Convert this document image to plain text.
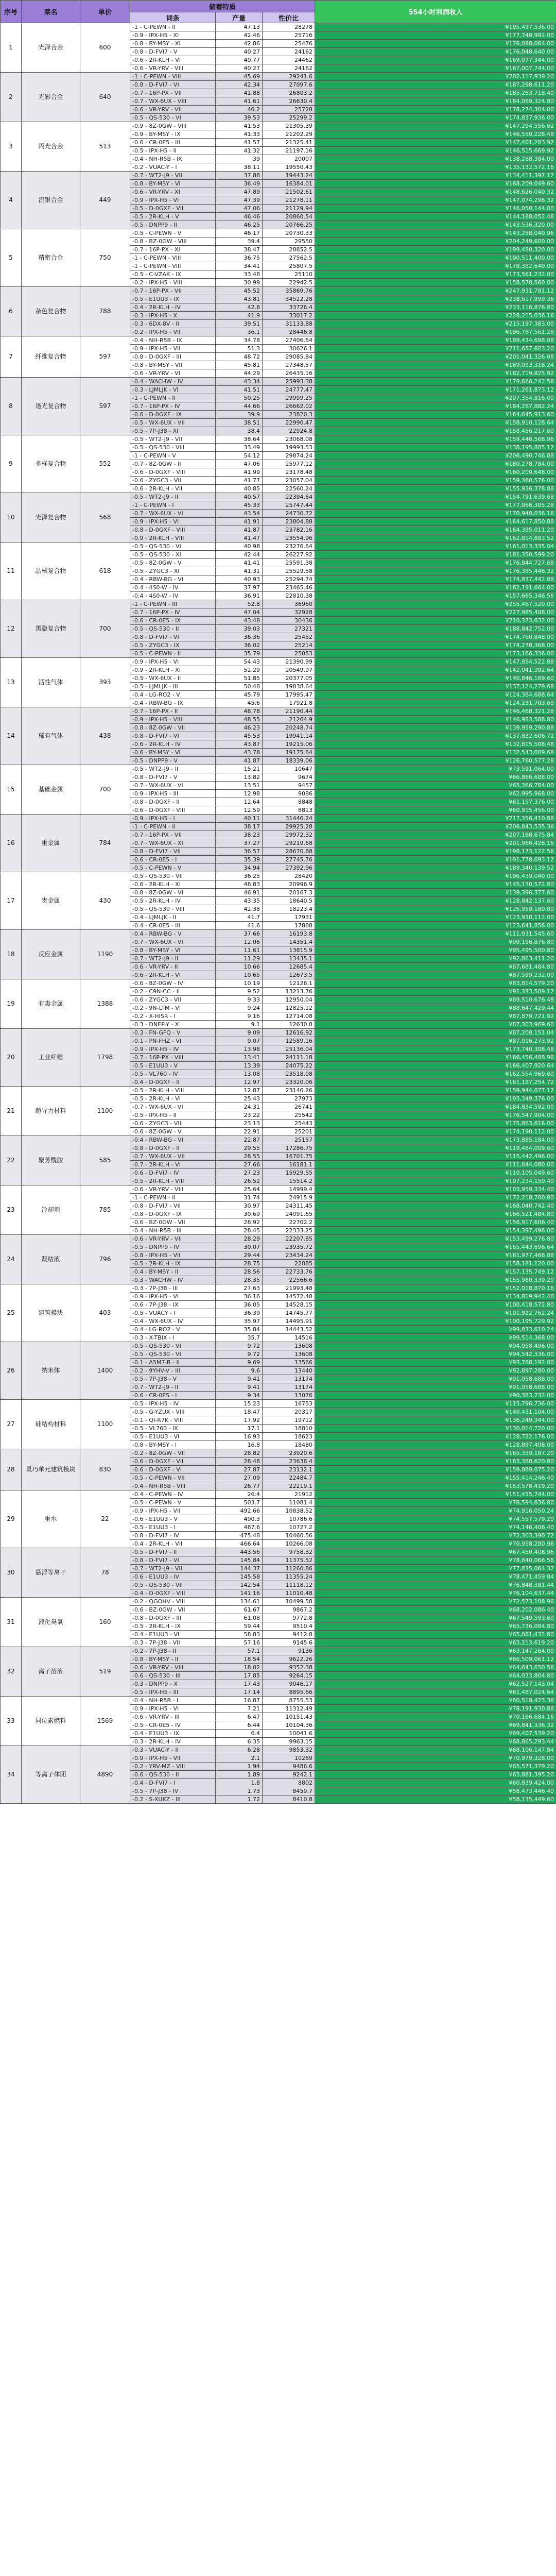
序号	菜名	单价	储蓄特质			554小时利润收入
			词条	产量	性价比	
1	光泽合金	600	-1 - C-PEWN - II	47.13	28278	¥195,497,536.00
			-0.9 - IPX-H5 - XI	42.46	25716	¥177,748,992.00
			-0.8 - BY-MSY - XI	42.86	25476	¥176,088,064.00
			-0.8 - D-FVI7 - V	40.27	24162	¥176,048,640.00
			-0.6 - 2R-KLH - VI	40.77	24462	¥169,077,344.00
			-0.6 - VR-YRV - VIII	40.27	24162	¥167,007,744.00
2	光彩合金	640	-1 - C-PEWN - VIII	45.69	29241.6	¥202,117,939.20
			-0.8 - D-FVI7 - VI	42.34	27097.6	¥187,298,611.20
			-0.7 - 16P-PX - VII	41.88	26803.2	¥185,263,718.40
			-0.7 - WX-6UX - VIII	41.61	26630.4	¥184,069,324.80
			-0.6 - VR-YRV - VII	40.2	25728	¥178,274,304.00
			-0.5 - QS-530 - VI	39.53	25299.2	¥174,837,936.00
3	闪光合金	513	-0.9 - 8Z-0GW - VIII	41.53	21305.39	¥147,294,556.62
			-0.9 - BY-MSY - IX	41.33	21202.29	¥146,550,228.48
			-0.6 - CR-0E5 - III	41.57	21325.41	¥147,401,203.92
			-0.5 - IPX-H5 - II	41.32	21197.16	¥146,515,669.92
			-0.4 - NH-R5B - IX	39	20007	¥138,288,384.00
			-0.2 - VUAC-Y - I	38.11	19550.43	¥135,132,572.16
4	流银合金	449	-0.7 - WT2-J9 - VII	37.88	19443.24	¥134,411,397.12
			-0.8 - BY-MSY - VI	36.49	16384.01	¥168,209,049.60
			-0.6 - VR-YRV - XI	47.89	21502.61	¥148,626,040.32
			-0.9 - IPX-H5 - VI	47.39	21278.11	¥147,074,296.32
			-0.5 - D-0GXF - VII	47.06	21129.94	¥146,050,144.00
			-0.5 - 2R-KLH - V	46.46	20860.54	¥144,188,052.48
			-0.5 - DNPP9 - II	46.25	20766.25	¥143,536,320.00
5	精密合金	750	-0.5 - C-PEWN - V	46.17	20730.33	¥143,288,040.96
			-0.8 - BZ-0GW - VIII	39.4	29550	¥204,249,600.00
			-0.7 - 16P-PX - XI	38.47	28852.5	¥199,480,320.00
			-1 - C-PEWN - VIII	36.75	27562.5	¥190,511,400.00
			-1 - C-PEWN - VIII	34.41	25807.5	¥178,382,640.00
			-0.5 - C-VZAK - IX	33.48	25110	¥173,561,232.00
			-0.2 - IPX-H5 - VIII	30.99	22942.5	¥158,578,560.00
6	杂色复合物	788	-0.7 - 16P-PX - VII	45.52	35869.76	¥247,931,781.12
			-0.5 - E1UU3 - IX	43.81	34522.28	¥238,617,999.36
			-0.4 - 2R-KLH - IV	42.8	33726.4	¥233,116,876.80
			-0.3 - IPX-H5 - X	41.9	33017.2	¥228,215,036.16
			-0.3 - 6DX-8V - II	39.51	31133.88	¥215,197,383.00
			-0.2 - IPX-H5 - VII	36.1	28446.8	¥196,787,561.28
7	纤维复合物	597	-0.4 - NH-R5B - IX	34.78	27406.64	¥189,434,698.08
			-0.9 - IPX-H5 - VII	51.3	30626.1	¥211,687,603.20
			-0.8 - D-0GXF - III	48.72	29085.84	¥201,041,326.08
			-0.8 - BY-MSY - VII	45.81	27348.57	¥189,033,318.24
			-0.6 - VR-YRV - VI	44.29	26435.16	¥182,719,825.92
8	透光复合物	597	-0.4 - WACHW - IV	43.34	25993.38	¥179,666,242.56
			-0.3 - LJMLJK - VI	41.51	24777.47	¥171,261,873.12
			-1 - C-PEWN - II	50.25	29999.25	¥207,354,816.00
			-0.7 - 16P-PX - IV	44.66	26662.02	¥184,287,882.24
			-0.6 - D-0GXF - IX	39.9	23820.3	¥164,645,913.60
			-0.5 - WX-6UX - VII	38.51	22990.47	¥158,910,128.64
			-0.5 - 7P-J38 - XI	38.4	22924.8	¥158,456,217.60
9	多样复合物	552	-0.5 - WT2-J9 - VII	38.64	23068.08	¥159,446,568.96
			-0.5 - QS-530 - VIII	33.49	19993.53	¥138,195,885.12
			-1 - C-PEWN - V	54.12	29874.24	¥206,490,746.88
			-0.7 - 8Z-0GW - II	47.06	25977.12	¥180,278,784.00
			-0.6 - D-0GXF - VIII	41.99	23178.48	¥160,209,648.00
			-0.6 - ZYGC3 - VII	41.77	23057.04	¥159,360,576.00
			-0.6 - 2R-KLH - VII	40.85	22560.24	¥155,936,378.88
10	光泽复合物	568	-0.5 - WT2-J9 - II	40.57	22394.64	¥154,791,639.68
			-1 - C-PEWN - I	45.33	25747.44	¥177,966,305.28
			-0.7 - WX-6UX - VI	43.54	24730.72	¥170,948,036.16
			-0.9 - IPX-H5 - VI	41.91	23804.88	¥164,617,850.88
			-0.8 - D-0GXF - VIII	41.87	23782.16	¥164,385,011.20
			-0.9 - 2R-KLH - VIII	41.47	23554.96	¥162,814,883.52
11	晶核复合物	618	-0.5 - QS-530 - VI	40.98	23276.64	¥161,013,335.04
			-0.5 - QS-530 - XI	42.44	26227.92	¥181,350,599.20
			-0.5 - 8Z-0GW - V	41.41	25591.38	¥176,844,727.68
			-0.5 - ZYGC3 - XI	41.31	25529.58	¥176,385,448.32
			-0.4 - RBW-BG - VI	40.93	25294.74	¥174,837,442.88
			-0.4 - 4S0-W - IV	37.97	23465.46	¥162,191,664.00
			-0.4 - 4S0-W - IV	36.91	22810.38	¥157,665,346.56
12	黑隐复合物	700	-1 - C-PEWN - III	52.8	36960	¥255,467,520.00
			-0.7 - 16P-PX - IV	47.04	32928	¥227,985,408.00
			-0.6 - CR-0E5 - IX	43.48	30436	¥210,373,632.00
			-0.5 - QS-530 - II	39.03	27321	¥188,842,752.00
			-0.8 - D-FVI7 - VI	36.36	25452	¥174,760,848.00
			-0.5 - ZYGC3 - IX	36.02	25214	¥174,278,368.00
			-0.5 - C-PEWN - II	35.79	25053	¥173,166,336.00
13	活性气体	393	-0.9 - IPX-H5 - VI	54.43	21390.99	¥147,854,522.88
			-0.9 - 2R-KLH - XI	52.29	20549.97	¥142,041,392.64
			-0.5 - WX-6UX - II	51.85	20377.05	¥140,846,169.60
			-0.5 - LJMLJK - III	50.48	19838.64	¥137,124,279.68
			-0.4 - LG-RO2 - V	45.79	17995.47	¥124,384,688.64
			-0.4 - RBW-BG - IX	45.6	17921.8	¥124,231,703.68
14	稀有气体	438	-0.7 - 16P-PX - II	48.78	21190.44	¥146,468,321.28
			-0.9 - IPX-H5 - VIII	48.55	21264.9	¥146,983,588.80
			-0.8 - 8Z-0GW - VII	46.23	20248.74	¥139,959,290.88
			-0.8 - D-FVI7 - VI	45.53	19941.14	¥137,832,606.72
			-0.6 - 2R-KLH - IV	43.87	19215.06	¥132,815,508.48
			-0.6 - BY-MSY - VI	43.78	19175.64	¥132,543,009.68
			-0.5 - DNPP9 - V	41.87	18339.06	¥126,760,577.28
15	基础金属	700	-0.5 - WT2-J9 - II	15.21	10647	¥73,591,064.00
			-0.8 - D-FVI7 - V	13.82	9674	¥66,866,688.00
			-0.7 - WX-6UX - VI	13.51	9457	¥65,366,784.00
			-0.9 - IPX-H5 - III	12.98	9086	¥62,995,968.00
			-0.8 - D-0GXF - II	12.64	8848	¥61,157,376.00
			-0.6 - D-0GXF - VIII	12.59	8813	¥60,915,456.00
16	重金属	784	-0.9 - IPX-H5 - I	40.11	31446.24	¥217,356,410.88
			-1 - C-PEWN - II	38.17	29925.28	¥206,843,535.36
			-0.7 - 16P-PX - VII	38.23	29972.32	¥207,168,675.84
			-0.7 - WX-6UX - XI	37.27	29219.68	¥201,966,428.16
			-0.8 - D-FVI7 - VII	36.57	28670.88	¥198,173,122.56
			-0.6 - CR-0E5 - I	35.39	27745.76	¥191,778,693.12
			-0.5 - C-PEWN - V	34.94	27392.96	¥189,340,139.52
17	贵金属	430	-0.5 - QS-530 - VII	36.25	28420	¥196,439,040.00
			-0.6 - 2R-KLH - XI	48.83	20996.9	¥145,130,572.80
			-0.8 - 8Z-0GW - VI	46.91	20167.3	¥139,396,377.60
			-0.5 - 2R-KLH - IV	43.35	18640.5	¥128,842,137.60
			-0.5 - QS-530 - VIII	42.38	18223.4	¥125,959,180.80
			-0.4 - LJMLJK - II	41.7	17931	¥123,938,112.00
			-0.4 - CR-0E5 - III	41.6	17888	¥123,641,856.00
18	反应金属	1190	-0.4 - RBW-BG - V	37.66	16193.8	¥111,931,545.60
			-0.7 - WX-6UX - VI	12.06	14351.4	¥99,196,876.80
			-0.8 - BY-MSY - VI	11.61	13815.9	¥95,495,500.80
			-0.7 - WT2-J9 - II	11.29	13435.1	¥92,863,411.20
			-0.6 - VR-YRV - II	10.66	12685.4	¥87,681,484.80
			-0.6 - 2R-KLH - VI	10.65	12673.5	¥87,599,232.00
19	有毒金属	1388	-0.6 - 8Z-0GW - IV	10.19	12126.1	¥83,814,579.20
			-0.2 - C9N-CC - II	9.52	13213.76	¥91,333,509.12
			-0.6 - ZYGC3 - VII	9.33	12950.04	¥89,510,676.48
			-0.2 - 9N-LTM - VI	9.24	12825.12	¥88,647,429.44
			-0.2 - X-HISR - I	9.16	12714.08	¥87,879,721.92
			-0.3 - DNEP-Y - X	9.1	12630.8	¥87,303,969.60
20	工业纤维	1798	-0.3 - FN-GFQ - V	9.09	12616.92	¥87,208,151.04
			-0.1 - PN-FHZ - VI	9.07	12589.16	¥87,016,273.92
			-0.9 - IPX-H5 - IV	13.98	25136.04	¥173,740,308.48
			-0.7 - 16P-PX - VIII	13.41	24111.18	¥166,456,488.96
			-0.5 - E1UU3 - V	13.39	24075.22	¥166,407,920.64
			-0.5 - VL760 - IV	13.08	23518.08	¥162,554,969.60
			-0.4 - D-0GXF - II	12.97	23320.06	¥161,187,254.72
21	超导力材料	1100	-0.5 - 2R-KLH - VIII	12.87	23140.26	¥159,944,077.12
			-0.5 - 2R-KLH - VI	25.43	27973	¥193,349,376.00
			-0.7 - WX-6UX - VI	24.31	26741	¥184,834,592.00
			-0.5 - IPX-H5 - II	23.22	25542	¥176,547,904.00
			-0.6 - ZYGC3 - VIII	23.13	25443	¥175,863,616.00
			-0.6 - 8Z-0GW - V	22.91	25201	¥174,190,112.00
22	聚芳酰胺	585	-0.4 - RBW-BG - VI	22.87	25157	¥173,885,184.00
			-0.8 - D-0GXF - II	29.55	17286.75	¥119,484,009.60
			-0.7 - WX-6UX - VII	28.55	16701.75	¥115,442,496.00
			-0.7 - 2R-KLH - VI	27.66	16181.1	¥111,844,080.00
			-0.6 - D-FVI7 - IV	27.23	15929.55	¥110,105,049.60
			-0.5 - 2R-KLH - VIII	26.52	15514.2	¥107,234,150.40
23	冷却剂	785	-0.6 - VR-YRV - VIII	25.64	14999.4	¥103,959,334.40
			-1 - C-PEWN - II	31.74	24915.9	¥172,218,700.80
			-0.8 - D-FVI7 - VII	30.97	24311.45	¥168,040,742.40
			-0.8 - D-0GXF - IX	30.69	24091.65	¥166,521,484.80
			-0.6 - BZ-0GW - VII	28.92	22702.2	¥156,917,606.40
			-0.4 - NH-R5B - III	28.45	22333.25	¥154,397,496.00
24	凝结液	796	-0.6 - VR-YRV - VII	28.29	22207.65	¥153,499,276.80
			-0.5 - DNPP9 - IV	30.07	23935.72	¥165,443,696.64
			-0.8 - IPX-H5 - VII	29.44	23434.24	¥161,977,466.88
			-0.5 - 2R-KLH - IX	28.75	22885	¥158,181,120.00
			-0.4 - BY-MSY - II	28.56	22733.76	¥157,135,749.12
			-0.3 - WACHW - IV	28.35	22566.6	¥155,980,339.20
25	建筑模块	403	-0.3 - 7P-J38 - III	27.63	21993.48	¥152,018,870.16
			-0.9 - IPX-H5 - VI	36.16	14572.48	¥134,819,942.40
			-0.6 - 7P-J38 - IX	36.05	14528.15	¥100,418,572.80
			-0.5 - VUACY - I	36.39	14745.77	¥101,922,762.24
			-0.4 - WX-6UX - IV	35.97	14495.91	¥100,195,729.92
			-0.4 - LG-RO2 - V	35.84	14443.52	¥99,833,610.24
			-0.3 - X-TBIX - I	35.7	14516	¥99,514,368.00
26	纳米体	1400	-0.5 - QS-530 - VI	9.72	13608	¥94,058,496.00
			-0.5 - QS-530 - VI	9.72	13608	¥94,542,336.00
			-0.1 - A5M7-B - II	9.69	13566	¥93,768,192.00
			-0.2 - 9YHV-V - III	9.6	13440	¥92,897,280.00
			-0.5 - 7P-J38 - V	9.41	13174	¥91,058,688.00
			-0.7 - WT2-J9 - II	9.41	13174	¥91,058,688.00
			-0.6 - CR-0E5 - I	9.34	13076	¥90,383,232.00
27	硅结构材料	1100	-0.5 - IPX-H5 - IV	15.23	16753	¥115,796,736.00
			-0.5 - G-YZUX - VIII	18.47	20317	¥140,431,104.00
			-0.1 - QI-R7K - VIII	17.92	19712	¥136,249,344.00
			-0.5 - VL760 - IX	17.1	18810	¥130,014,720.00
			-0.5 - E1UU3 - VI	16.93	18623	¥128,722,176.00
			-0.8 - BY-MSY - I	16.8	18480	¥128,897,408.00
28	灵巧单元建筑模块	830	-0.2 - 8Z-0GW - VII	28.82	23920.6	¥165,339,187.20
			-0.6 - D-0GXF - VII	28.48	23638.4	¥163,388,620.80
			-0.6 - D-0GXF - VI	27.87	23132.1	¥159,889,075.20
			-0.5 - C-PEWN - VII	27.09	22484.7	¥155,414,246.40
			-0.4 - NH-R5B - VIII	26.77	22219.1	¥153,578,419.20
29	重水	22	-0.4 - C-PEWN - IV	26.4	21912	¥151,455,744.00
			-0.5 - C-PEWN - V	503.7	11081.4	¥76,594,636.80
			-0.9 - IPX-H5 - VII	492.66	10838.52	¥74,916,050.24
			-0.6 - E1UU3 - V	490.3	10786.6	¥74,557,579.20
			-0.5 - E1UU3 - I	487.6	10727.2	¥74,146,406.40
			-0.8 - D-FVI7 - IV	475.48	10460.56	¥72,303,390.72
			-0.4 - 2R-KLH - VII	466.64	10266.08	¥70,958,280.96
30	悬浮等离子	78	-0.5 - D-FVI7 - II	443.56	9758.32	¥67,450,408.96
			-0.8 - D-FVI7 - VI	145.84	11375.52	¥78,640,066.56
			-0.7 - WT2-J9 - VII	144.37	11260.86	¥77,835,064.32
			-0.6 - E1UU3 - IV	145.58	11355.24	¥78,471,459.84
			-0.5 - QS-530 - VII	142.54	11118.12	¥76,848,381.44
			-0.4 - D-0GXF - VIII	141.16	11010.48	¥76,104,637.44
31	液化臭氧	160	-0.2 - QGOHV - VIII	134.61	10499.58	¥72,573,108.96
			-0.6 - BZ-0GW - VII	61.67	9867.2	¥68,202,086.40
			-0.8 - D-0GXF - III	61.08	9772.8	¥67,549,593.60
			-0.5 - 2R-KLH - IX	59.44	9510.4	¥65,736,084.80
			-0.4 - E1UU3 - VI	58.83	9412.8	¥65,061,432.80
			-0.3 - 7P-J38 - VII	57.16	9145.6	¥63,213,619.20
32	离子溶液	519	-0.2 - 7P-J38 - II	57.1	9136	¥63,147,264.00
			-0.8 - BY-MSY - II	18.54	9622.26	¥66,509,061.12
			-0.6 - VR-YRV - VIII	18.02	9352.38	¥64,643,650.56
			-0.6 - QS-530 - III	17.85	9264.15	¥64,033,804.80
			-0.3 - DNPP9 - X	17.43	9046.17	¥62,527,143.04
			-0.5 - IPX-H5 - III	17.14	8895.66	¥61,487,024.64
33	同位素燃料	1569	-0.4 - NH-R5B - I	16.87	8755.53	¥60,518,423.36
			-0.9 - IPX-H5 - VI	7.21	11312.49	¥78,191,930.88
			-0.6 - VR-YRV - III	6.47	10151.43	¥70,166,684.16
			-0.5 - CR-0E5 - IV	6.44	10104.36	¥69,841,336.32
			-0.4 - E1UU3 - IX	6.4	10041.6	¥69,407,539.20
			-0.3 - 2R-KLH - IV	6.35	9963.15	¥68,865,293.44
34	等离子体团	4890	-0.3 - VUAC-Y - II	6.28	9853.32	¥68,106,147.84
			-0.9 - IPX-H5 - VII	2.1	10269	¥70,979,328.00
			-0.2 - YRV-MZ - VIII	1.94	9486.6	¥65,571,379.20
			-0.6 - QS-530 - II	1.89	9242.1	¥63,881,395.20
			-0.4 - D-FVI7 - I	1.8	8802	¥60,839,424.00
			-0.5 - 7P-J38 - IV	1.73	8459.7	¥58,473,446.40
			-0.2 - S-XUKZ - III	1.72	8410.8	¥58,135,449.60
